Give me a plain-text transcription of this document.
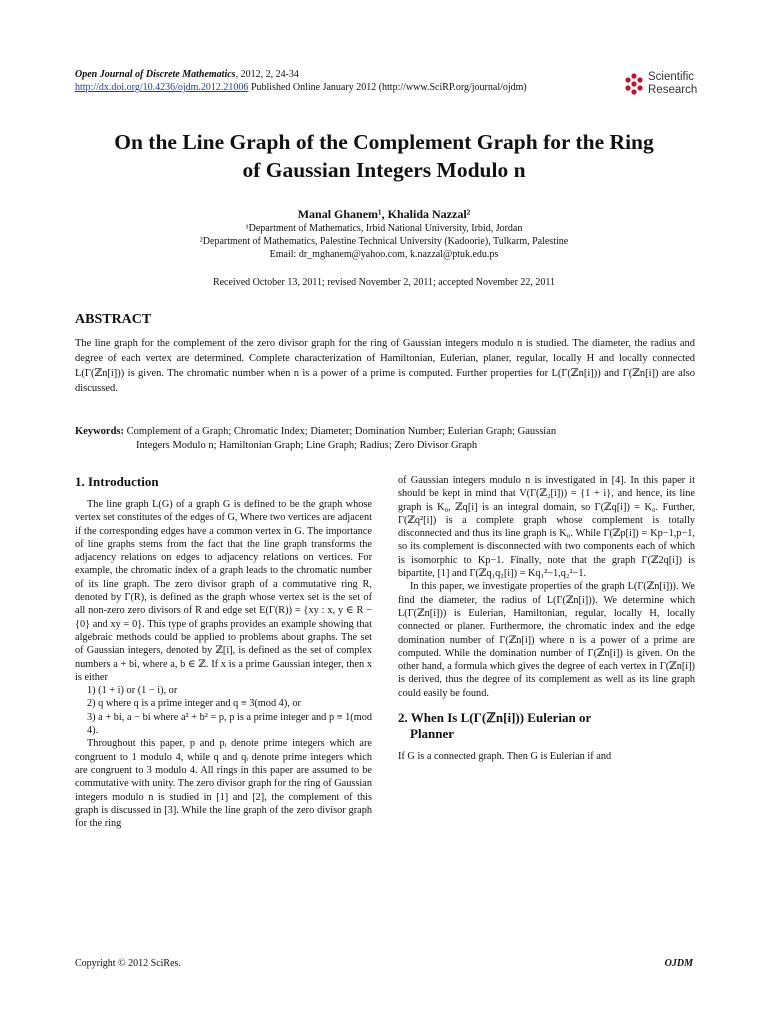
Open Journal of Discrete Mathematics, 2012, 2, 24-34
http://dx.doi.org/10.4236/ojdm.2012.21006 Published Online January 2012 (http://www.SciRP.org/journal/ojdm)
Scientific
Research
On the Line Graph of the Complement Graph for the Ring
of Gaussian Integers Modulo n
Manal Ghanem¹, Khalida Nazzal²
¹Department of Mathematics, Irbid National University, Irbid, Jordan
²Department of Mathematics, Palestine Technical University (Kadoorie), Tulkarm, Palestine
Email: dr_mghanem@yahoo.com, k.nazzal@ptuk.edu.ps
Received October 13, 2011; revised November 2, 2011; accepted November 22, 2011
ABSTRACT

The line graph for the complement of the zero divisor graph for the ring of Gaussian integers modulo n is studied. The diameter, the radius and degree of each vertex are determined. Complete characterization of Hamiltonian, Eulerian, planer, regular, locally H and locally connected L(Γ(ℤn[i])) is given. The chromatic number when n is a power of a prime is computed. Further properties for L(Γ(ℤn[i])) and Γ(ℤn[i]) are also discussed.

Keywords: Complement of a Graph; Chromatic Index; Diameter; Domination Number; Eulerian Graph; Gaussian
Integers Modulo n; Hamiltonian Graph; Line Graph; Radius; Zero Divisor Graph
1. Introduction

The line graph L(G) of a graph G is defined to be the graph whose vertex set constitutes of the edges of G, Where two vertices are adjacent if the corresponding edges have a common vertex in G. The importance of line graphs stems from the fact that the line graph transforms the adjacency relations on edges to adjacency relations on vertices. For example, the chromatic index of a graph leads to the chromatic number of its line graph. The zero divisor graph of a commutative ring R, denoted by Γ(R), is defined as the graph whose vertex set is the set of all non-zero zero divisors of R and edge set E(Γ(R)) = {xy : x, y ∈ R − {0} and xy = 0}. This type of graphs provides an example showing that algebraic methods could be applied to problems about graphs. The set of Gaussian integers, denoted by ℤ[i], is defined as the set of complex numbers a + bi, where a, b ∈ ℤ. If x is a prime Gaussian integer, then x is either

1) (1 + i) or (1 − i), or

2) q where q is a prime integer and q ≡ 3(mod 4), or

3) a + bi, a − bi where a² + b² = p, p is a prime integer and p ≡ 1(mod 4).

Throughout this paper, p and pᵢ denote prime integers which are congruent to 1 modulo 4, while q and qᵢ denote prime integers which are congruent to 3 modulo 4. All rings in this paper are assumed to be commutative with unity. The zero divisor graph for the ring of Gaussian integers modulo n is studied in [1] and [2], the complement of this graph is discussed in [3]. While the line graph of the zero divisor graph for the ring

of Gaussian integers modulo n is investigated in [4]. In this paper it should be kept in mind that V(Γ(ℤ₂[i])) = {1 + i}, and hence, its line graph is K₀, ℤq[i] is an integral domain, so Γ(ℤq[i]) = K₀. Further, Γ(ℤq²[i]) is a complete graph whose complement is totally disconnected and thus its line graph is K₀. While Γ(ℤp[i]) = Kp−1,p−1, so its complement is disconnected with two components each of which is isomorphic to Kp−1. Finally, note that the graph Γ(ℤ2q[i]) is bipartite, [1] and Γ(ℤq₁q₂[i]) = Kq₁²−1,q₂²−1.

In this paper, we investigate properties of the graph L(Γ(ℤn[i])). We find the diameter, the radius of L(Γ(ℤn[i])). We determine which L(Γ(ℤn[i])) is Eulerian, Hamiltonian, regular, locally H, locally connected or planer. Furthermore, the chromatic index and the edge domination number of Γ(ℤn[i]) where n is a power of a prime are computed. While the domination number of Γ(ℤn[i]) is given. On the other hand, a formula which gives the degree of each vertex in Γ(ℤn[i]) is derived, thus the degree of its complement as well as its line graph could easily be found.

2. When Is L(Γ(ℤn[i])) Eulerian or
Planner

If G is a connected graph. Then G is Eulerian if and

Copyright © 2012 SciRes.	OJDM
